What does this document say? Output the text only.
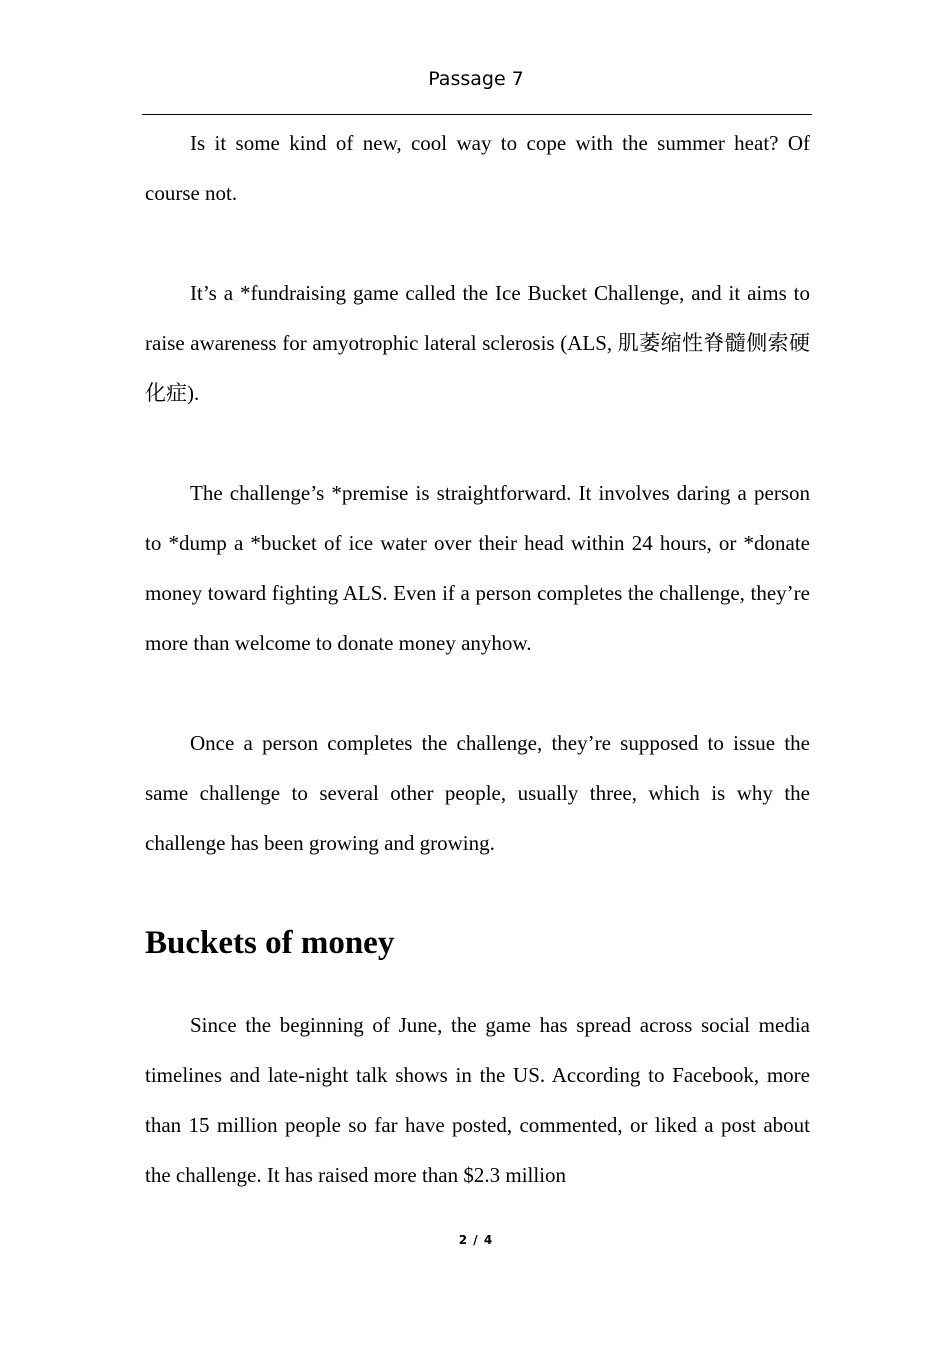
Passage 7

Is it some kind of new, cool way to cope with the summer heat? Of course not.

It’s a *fundraising game called the Ice Bucket Challenge, and it aims to raise awareness for amyotrophic lateral sclerosis (ALS, 肌萎缩性脊髓侧索硬化症).

The challenge’s *premise is straightforward. It involves daring a person to *dump a *bucket of ice water over their head within 24 hours, or *donate money toward fighting ALS. Even if a person completes the challenge, they’re more than welcome to donate money anyhow.

Once a person completes the challenge, they’re supposed to issue the same challenge to several other people, usually three, which is why the challenge has been growing and growing.

Buckets of money

Since the beginning of June, the game has spread across social media timelines and late-night talk shows in the US. According to Facebook, more than 15 million people so far have posted, commented, or liked a post about the challenge. It has raised more than $2.3 million

2 / 4
